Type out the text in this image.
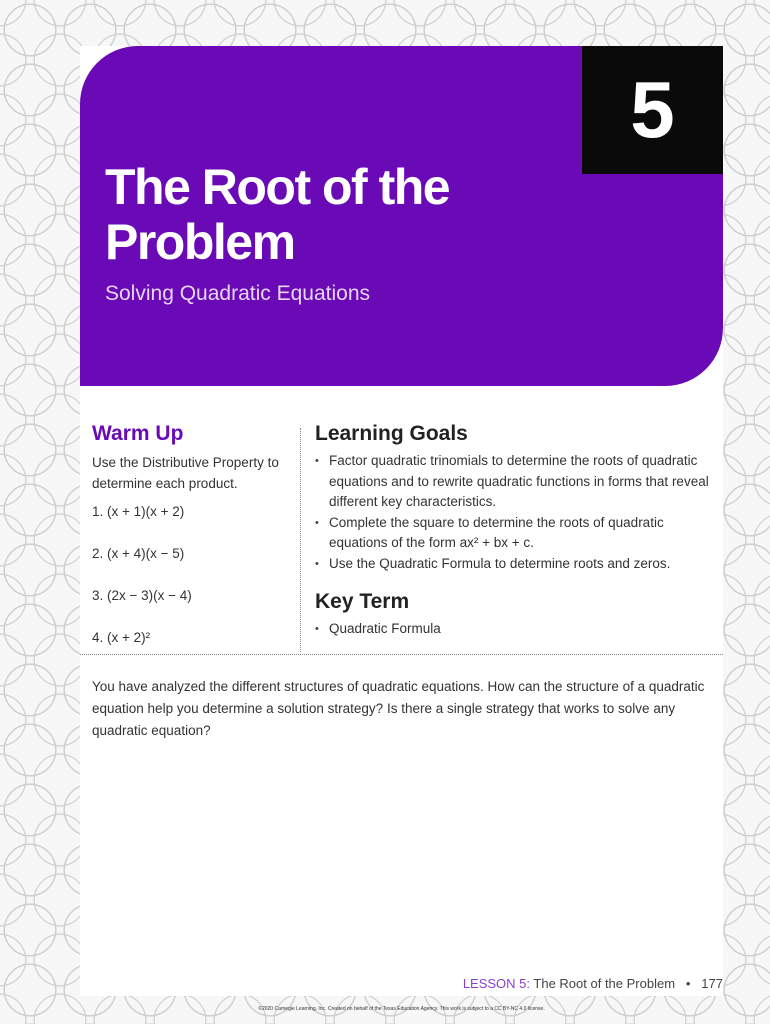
5
The Root of the Problem
Solving Quadratic Equations
Warm Up

Use the Distributive Property to determine each product.

1. (x + 1)(x + 2)
2. (x + 4)(x − 5)
3. (2x − 3)(x − 4)
4. (x + 2)²
Learning Goals
• Factor quadratic trinomials to determine the roots of quadratic equations and to rewrite quadratic functions in forms that reveal different key characteristics.
• Complete the square to determine the roots of quadratic equations of the form ax² + bx + c.
• Use the Quadratic Formula to determine roots and zeros.
Key Term
• Quadratic Formula

You have analyzed the different structures of quadratic equations. How can the structure of a quadratic equation help you determine a solution strategy? Is there a single strategy that works to solve any quadratic equation?

LESSON 5: The Root of the Problem • 177
©2020 Carnegie Learning, Inc. Created on behalf of the Texas Education Agency. This work is subject to a CC BY-NC 4.0 license.
